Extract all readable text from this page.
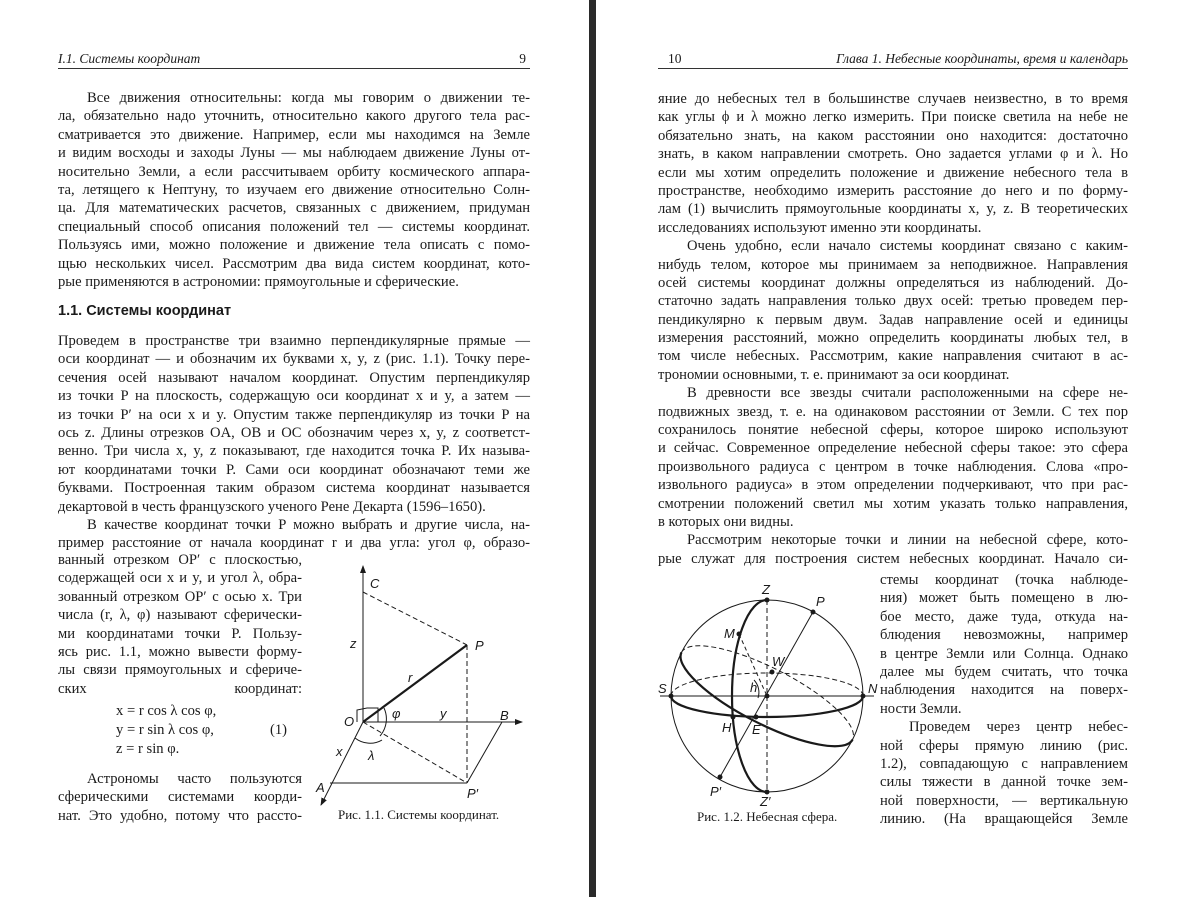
I.1. Системы координат	9
Все движения относительны: когда мы говорим о движении те-
ла, обязательно надо уточнить, относительно какого другого тела рас-
сматривается это движение. Например, если мы находимся на Земле
и видим восходы и заходы Луны — мы наблюдаем движение Луны от-
носительно Земли, а если рассчитываем орбиту космического аппара-
та, летящего к Нептуну, то изучаем его движение относительно Солн-
ца. Для математических расчетов, связанных с движением, придуман
специальный способ описания положений тел — системы координат.
Пользуясь ими, можно положение и движение тела описать с помо-
щью нескольких чисел. Рассмотрим два вида систем координат, кото-
рые применяются в астрономии: прямоугольные и сферические.
1.1. Системы координат
Проведем в пространстве три взаимно перпендикулярные прямые —
оси координат — и обозначим их буквами x, y, z (рис. 1.1). Точку пере-
сечения осей называют началом координат. Опустим перпендикуляр
из точки P на плоскость, содержащую оси координат x и y, а затем —
из точки P′ на оси x и y. Опустим также перпендикуляр из точки P на
ось z. Длины отрезков OA, OB и OC обозначим через x, y, z соответст-
венно. Три числа x, y, z показывают, где находится точка P. Их называ-
ют координатами точки P. Сами оси координат обозначают теми же
буквами. Построенная таким образом система координат называется
декартовой в честь французского ученого Рене Декарта (1596–1650).
В качестве координат точки P можно выбрать и другие числа, на-
пример расстояние от начала координат r и два угла: угол φ, образо-
ванный отрезком OP′ с плоскостью,
содержащей оси x и y, и угол λ, обра-
зованный отрезком OP′ с осью x. Три
числа (r, λ, φ) называют сферически-
ми координатами точки P. Пользу-
ясь рис. 1.1, можно вывести форму-
лы связи прямоугольных и сфериче-
ских координат:
x = r cos λ cos φ,
y = r sin λ cos φ,
z = r sin φ.
(1)
Астрономы часто пользуются
сферическими системами коорди-
нат. Это удобно, потому что рассто-
C
z	P
r
O
φ	y	B
x λ
A	P′
Рис. 1.1. Системы координат.
10	Глава 1. Небесные координаты, время и календарь
яние до небесных тел в большинстве случаев неизвестно, в то время
как углы ϕ и λ можно легко измерить. При поиске светила на небе не
обязательно знать, на каком расстоянии оно находится: достаточно
знать, в каком направлении смотреть. Оно задается углами φ и λ. Но
если мы хотим определить положение и движение небесного тела в
пространстве, необходимо измерить расстояние до него и по форму-
лам (1) вычислить прямоугольные координаты x, y, z. В теоретических
исследованиях используют именно эти координаты.
Очень удобно, если начало системы координат связано с каким-
нибудь телом, которое мы принимаем за неподвижное. Направления
осей системы координат должны определяться из наблюдений. До-
статочно задать направления только двух осей: третью проведем пер-
пендикулярно к первым двум. Задав направление осей и единицы
измерения расстояний, можно определить координаты любых тел, в
том числе небесных. Рассмотрим, какие направления считают в ас-
трономии основными, т. е. принимают за оси координат.
В древности все звезды считали расположенными на сфере не-
подвижных звезд, т. е. на одинаковом расстоянии от Земли. С тех пор
сохранилось понятие небесной сферы, которое широко используют
и сейчас. Современное определение небесной сферы такое: это сфера
произвольного радиуса с центром в точке наблюдения. Слова «про-
извольного радиуса» в этом определении подчеркивают, что при рас-
смотрении положений светил мы хотим указать только направления,
в которых они видны.
Рассмотрим некоторые точки и линии на небесной сфере, кото-
рые служат для построения систем небесных координат. Начало си-
стемы координат (точка наблюде-
ния) может быть помещено в лю-
бое место, даже туда, откуда на-
блюдения невозможны, например
в центре Земли или Солнца. Однако
далее мы будем считать, что точка
наблюдения находится на поверх-
ности Земли.
Проведем через центр небес-
ной сферы прямую линию (рис.
1.2), совпадающую с направлением
силы тяжести в данной точке зем-
ной поверхности, — вертикальную
линию. (На вращающейся Земле
Z
P
M
W
S	h	N
H E
P′
Z′
Рис. 1.2. Небесная сфера.
